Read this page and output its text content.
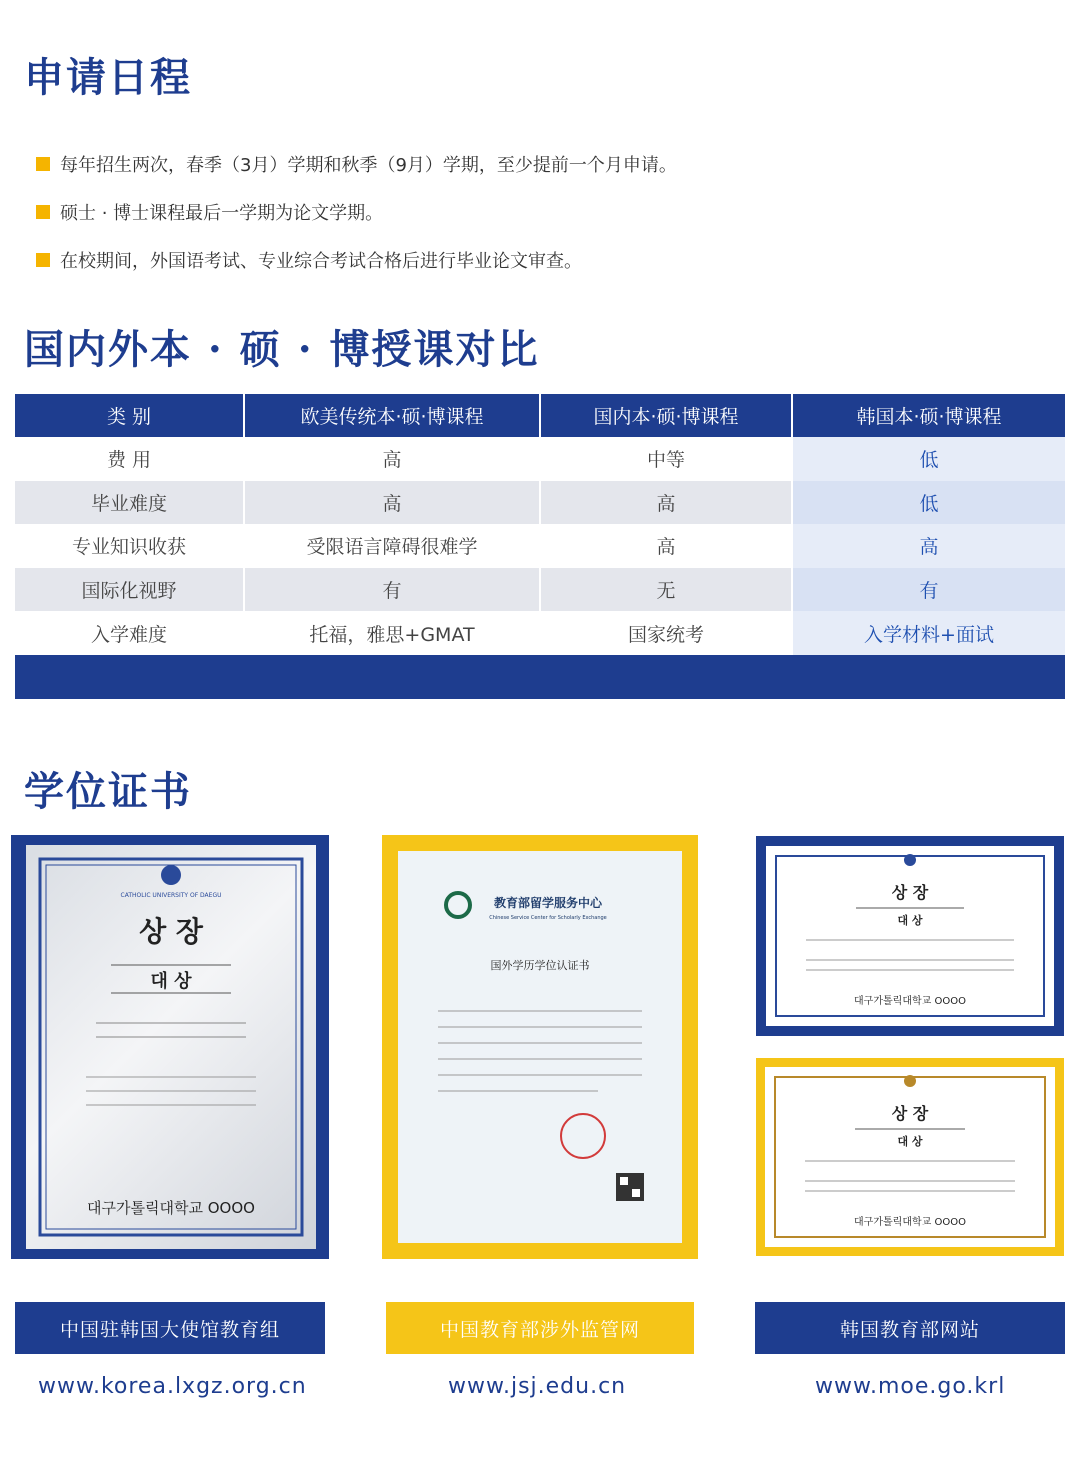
申请日程
每年招生两次，春季（3月）学期和秋季（9月）学期，至少提前一个月申请。
硕士 · 博士课程最后一学期为论文学期。
在校期间，外国语考试、专业综合考试合格后进行毕业论文审查。
国内外本 · 硕 · 博授课对比
类 别	欧美传统本·硕·博课程	国内本·硕·博课程	韩国本·硕·博课程
费 用	高	中等	低
毕业难度	高	高	低
专业知识收获	受限语言障碍很难学	高	高
国际化视野	有	无	有
入学难度	托福，雅思+GMAT	国家统考	入学材料+面试
学位证书
CATHOLIC UNIVERSITY OF DAEGU
상 장
대 상
대구가톨릭대학교 OOOO
教育部留学服务中心
Chinese Service Center for Scholarly Exchange
国外学历学位认证书
상 장
대 상
대구가톨릭대학교 OOOO
상 장
대 상
대구가톨릭대학교 OOOO
中国驻韩国大使馆教育组	中国教育部涉外监管网	韩国教育部网站
www.korea.lxgz.org.cn	www.jsj.edu.cn	www.moe.go.krl
